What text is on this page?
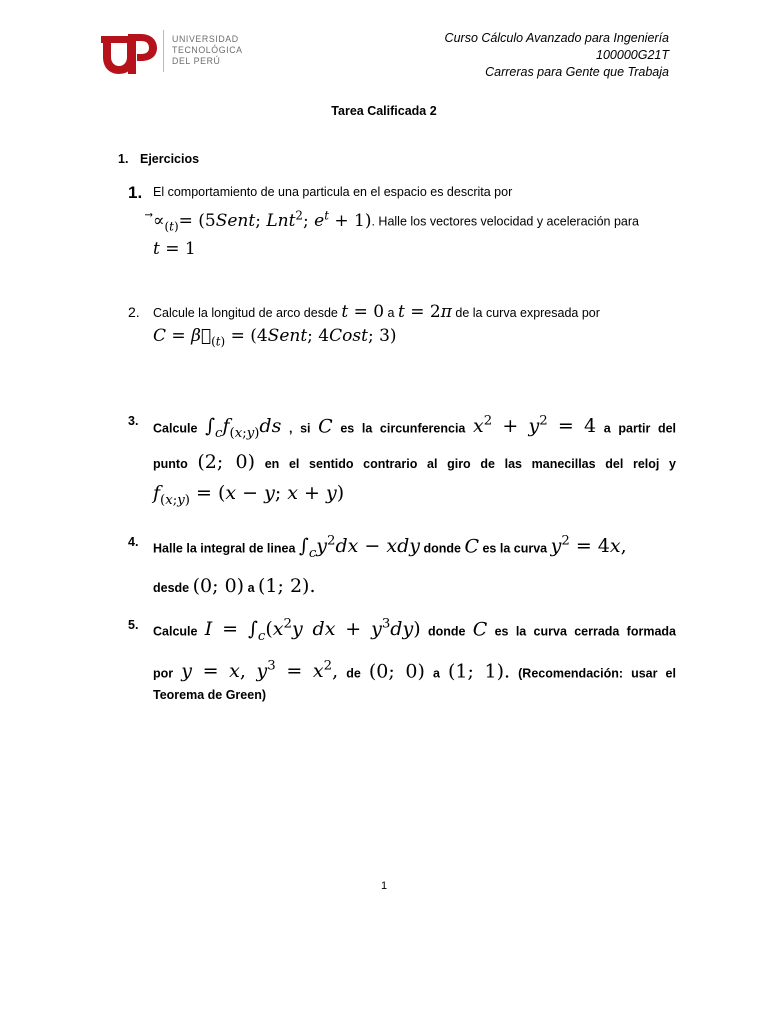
UNIVERSIDAD
TECNOLÓGICA
DEL PERÚ
Curso Cálculo Avanzado para Ingeniería
100000G21T
Carreras para Gente que Trabaja
Tarea Calificada 2
1. Ejercicios
1. El comportamiento de una particula en el espacio es descrita por
$⃗\propto_{(t)}=$ (5Sent; Lnt$^2$; $e^t + 1$). Halle los vectores velocidad y aceleración para
t = 1
2. Calcule la longitud de arco desde t = 0 a t = 2π de la curva expresada por
$C = \beta⃗_{(t)}$ = (4Sent; 4Cost; 3)
3.
Calcule $\int_cf_{(x;y)}ds$ , si C es la circunferencia $x^2 + y^2 = 4$ a partir del
punto (2; 0) en el sentido contrario al giro de las manecillas del reloj y
$f_{(x;y)} = (x - y$; x + y)
4. Halle la integral de linea $\int_cy^2dx$ − xdy donde C es la curva $y^2 = 4x$,
desde (0; 0) a (1; 2).
5. Calcule $I = \int_c(x^2y$ dx + $y^3dy$) donde C es la curva cerrada formada
por y = x, $y^3 = x^2$, de (0; 0) a (1; 1). (Recomendación: usar el
Teorema de Green)
1
